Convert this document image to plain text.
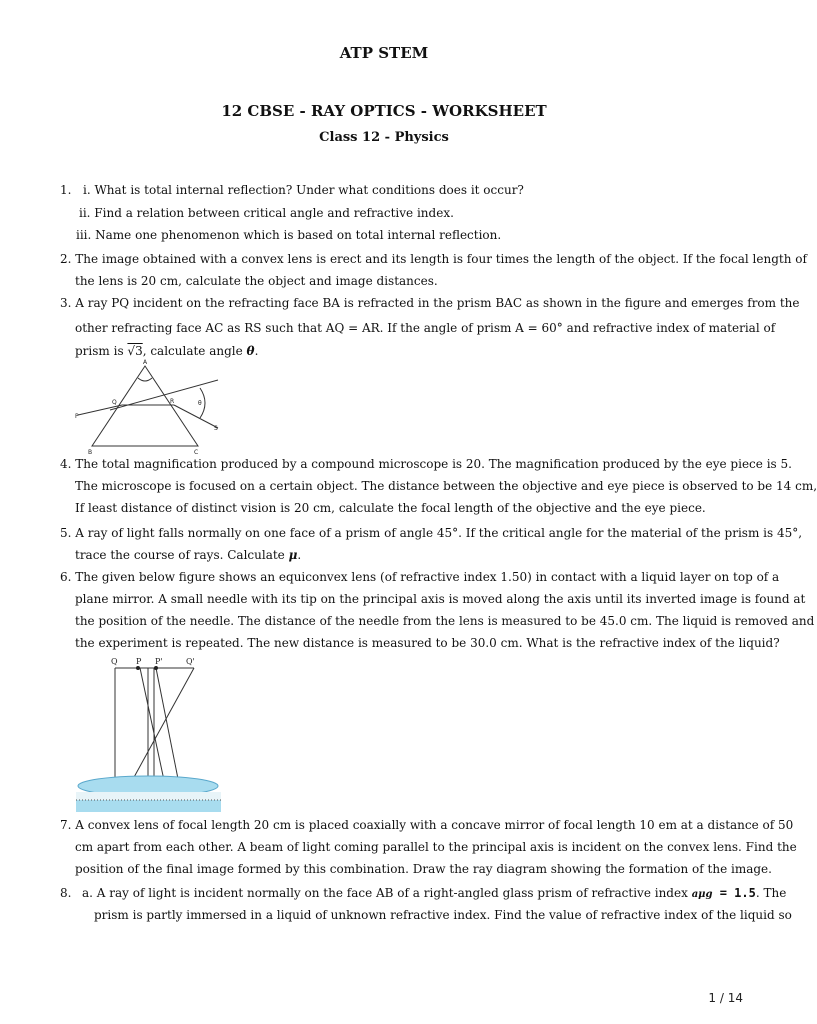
ATP STEM
12 CBSE - RAY OPTICS - WORKSHEET
Class 12 - Physics
1. i. What is total internal reflection? Under what conditions does it occur?
ii. Find a relation between critical angle and refractive index.
iii. Name one phenomenon which is based on total internal reflection.
2. The image obtained with a convex lens is erect and its length is four times the length of the object. If the focal length of
the lens is 20 cm, calculate the object and image distances.
3. A ray PQ incident on the refracting face BA is refracted in the prism BAC as shown in the figure and emerges from the
other refracting face AC as RS such that AQ = AR. If the angle of prism A = 60° and refractive index of material of
prism is √3, calculate angle θ.
A
B	C
P
Q	R
S
θ
4. The total magnification produced by a compound microscope is 20. The magnification produced by the eye piece is 5.
The microscope is focused on a certain object. The distance between the objective and eye piece is observed to be 14 cm,
If least distance of distinct vision is 20 cm, calculate the focal length of the objective and the eye piece.
5. A ray of light falls normally on one face of a prism of angle 45°. If the critical angle for the material of the prism is 45°,
trace the course of rays. Calculate μ.
6. The given below figure shows an equiconvex lens (of refractive index 1.50) in contact with a liquid layer on top of a
plane mirror. A small needle with its tip on the principal axis is moved along the axis until its inverted image is found at
the position of the needle. The distance of the needle from the lens is measured to be 45.0 cm. The liquid is removed and
the experiment is repeated. The new distance is measured to be 30.0 cm. What is the refractive index of the liquid?
Q P P'	Q'
7. A convex lens of focal length 20 cm is placed coaxially with a concave mirror of focal length 10 em at a distance of 50
cm apart from each other. A beam of light coming parallel to the principal axis is incident on the convex lens. Find the
position of the final image formed by this combination. Draw the ray diagram showing the formation of the image.
8. a. A ray of light is incident normally on the face AB of a right-angled glass prism of refractive index aμg = 1.5. The
prism is partly immersed in a liquid of unknown refractive index. Find the value of refractive index of the liquid so
1 / 14
